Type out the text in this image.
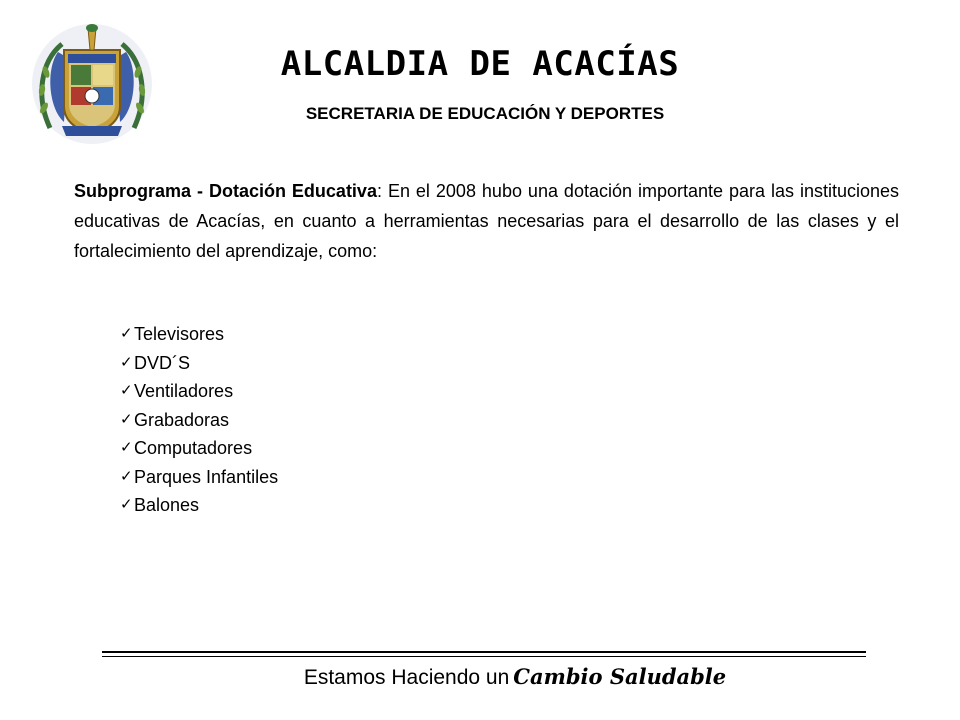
ALCALDIA DE ACACÍAS
SECRETARIA DE EDUCACIÓN Y DEPORTES

Subprograma - Dotación Educativa: En el 2008 hubo una dotación importante para las instituciones educativas de Acacías, en cuanto a herramientas necesarias para el desarrollo de las clases y el fortalecimiento del aprendizaje, como:

✓ Televisores
✓ DVD´S
✓ Ventiladores
✓ Grabadoras
✓ Computadores
✓ Parques Infantiles
✓ Balones
Estamos Haciendo un Cambio Saludable
